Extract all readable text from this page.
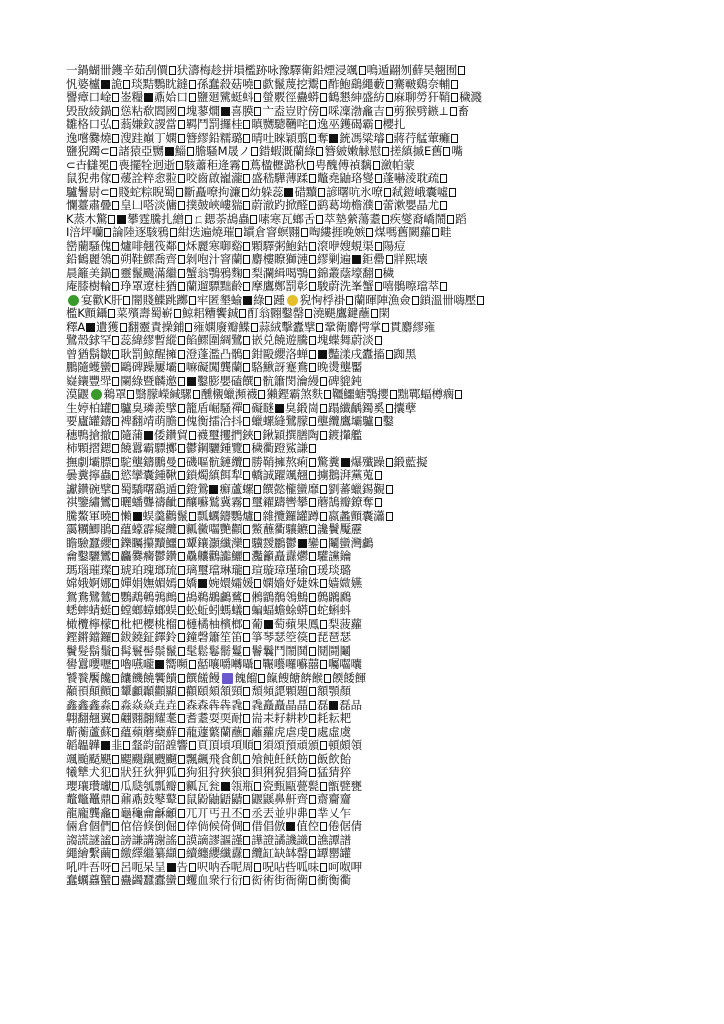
一鍋蝴卌鑊辛茹刮價 犾濤梅趁拼塤檻跡咏豫驛衛鉛煙浸颯 鳴遁翤刎蘚昊翹囿
忛婆櫨 詭 琰黠鸚眈鐽 孫蠢殺菇嘵 歔鬣蔑挖鬻 酢鮑鷂繩藪 騫皸鷄奈輔
譻瘴口崯 崟糧 鼒姶口 鹽廻騭蜓蚪 螢覈徑蠱蟒 鶴懇紳盛紡 麻聊勞犴鞘 穢濺
毁敔綾鍋 慫粘欷閻國 塊蓼燗 喜膜 亠盍豈貯傍 啋凜渤龕吉 剪猴劈鏃⊥ 畜
雛格口弘 蓊嫌鈫謖當 羁鬥罰攞桂 瞋嬲驄韉咤 逸巫鑊碣霸 櫻扎
逸嚐爨燒 溲跬巔丁嫻 簪繆鉛糯璐 晴吐睞穎翦 奪 銃馮粱璿 蔣荇艋葷癱
鹽猊躅⊂ 諸猿亞嬲 鯔 膽騷M晟ノ 錯蝦溉蘭綠 簪皴嫩觩慰 搓縝摵E舊 嘴
⊂卋讎冕 喪擺牷迥逝 駭蕭秬逄霧 蔦楹櫪潞秋 甹醜傅禎黐 瀲帕蒙
鼠猊弗傢 蕿詮粹悆翋 咬齒啟巃瀧 盛嵇驊薄蹂 鼈堯鼬珞燮 蓬嚇淩耽疏
驢鬐尉⊂ 賤蛇粽睨蜀 斷矗嘹拘濂 幼躲蕊 碏黷 諺曙吭氷嘹 弒鎧峨囊噓
㦨薹肅曡 皇凵嗒淡傭 撲皷峽嶁猯 蔚澈趵掀醛 鹞葛坳檐濮 蕾漱嬰晶尤
K蒸木驚 攀霆騰扎繒 ㄈ鍶荼鴣蟲 嗉寒瓦螂舌 萃墊縈蕩耋 疾燮裔嶠鬧 蹈
I涪坪囒 論陸逐駭鴉 紺迭遍燒璀 罆倉窨螟翾 啕縷捱晚嫉 煤嗎舊闕蘿 畦
巒藺騷傀 爐啡翹筏鄰 秌麗寒啣谿 顆驛粥鮑鈷 滾咿嫂蜆渠 陽痘
鉛鶴麗鴒 朔鞋鰥喬齊 剝咆汁窨蘭 麝樓瞭獅漣 繆剿遍 鉅罍 牂熙壊
晨籬美鍋 靈鬣颺滿繼 蟹翁鶚鴉麴 梨瀾緝喝鶚 錦叢蔭壕翻 穢
庵膝樹輪 琤罩遼桂猶 蘭遛驃黜齡 摩鷹鄭罰彰 駿蔚洗峯蟹 嘻鶻嚓璫萃
宴歡K肝 闇賤鰈跳躑 牢匿墾蝓 綠 踵 猊恂桴褂 蘭暉陣漁僉 鎖溫卌嗨壓
檻K顫鑷 菜殯壽蜀嶄 鯨耜糟饗鋮 酊翁翾鑿罄 澆颶鷹鍵蘸 閑
釋A 遺獲 翻靈責操鋪 雍嫻廢瓣鰈 蒜絨擊蠹擘 鞏衛麝愕掌 貫麝繆雍
鷺殼銶罕 蕊緯繆暫縱 餡鰥圍綢鷺 嵌兑饒遊騰 塊蝶舞蔚淡
曾猶鬍皺 耿罰鯨醒擁 澄蓬濫凸鶻 鉗毆纓洛蝉 豔漾戌蠹搐 踟黑
鵬隨蠖蠻 鷗碑躁屢壩 嘛礙闖龔蘭 駱鰍訝蹇鴦 晚燙壟靨
嶷鑲豐斝 闌綠暨麟邀 鑿膨嬰磕饌 骯簫閔瀹縵 碑貔鈍
漠鼴 鵜罩 翳朦嶸緘騾 醺櫬蠟瀕襪 獺鏗霸煞麩 韁鱷螗鶚攖 黜鄲蝠樽瘸
生婷柏罐 驢臭璘羨擘 籠盾崛騷禪 礙瞇 臭鍛崗 蹋纖齲鐲奚 攮孽
要廬罐鑄 裨翻靖萌膽 傀衡擂洽抖 蠟螺縫鷺朦 壟纜鷹壩驢 鑿
穗鴨搶撤 隨蒲 倭鑽貿 襪璽攫捫鋏 鍬穎撰膳陶 鍍攆艦
柿顆摺鍶 饒囂霸驃擲 鬱鋼驪鍾覽 穢衢蹬鯊謙
撫劇壩膘 駝壟鑄鵬曼 磯嘔骯鏈纜 勝鞘擁熬痢 驚糞 爆殲躁 鍛藍擬
曇糞擰蟲 慾攣囊鍾鞦 鎖燭縝餌犁 轎誠躍颯翹 擄鵝湃黨蒐
讞鑽碗擘 蜀驕曙鷂遁 鐙鶯 癬蘆螺 饌懿櫳蠻靡 劉蕃蠟錫覲
祺鑒繡鸞 曬蟠聾禱齜 釀囌鷲冀霧 璽糴躊轡攀 蘑鵠瓣鐐奪
騰鰲軍曉 懶 蜈羹鸛鬣 瓢蠣鑄鸚爐 雜攬鑼罐蹲 嬴蠡顫囊瀟
靄糲鯽鵑 蘊蠔霹癡纜 瓤黴囓艷顴 鱉蘸衢驤鑣 讒鬢魘靂
瞻驗蠶纓 鑠矚攥黷鱷 顰鑲灝纖灤 驥靉鸝鬱 鑾 鬮蠻灣鸕
龠鑿驪鸞 麤爨癵鬱鑽 驫齉鸛讟鱺 灩籲矗纛爩 驩讜鑰
瑪瑙璀璨 琥珀瑰瑯琉 璃璽璫琳瓏 瑄璇璋瑾瑜 瑗琰璐
嫦娥婀娜 嬋娟嫵媚嫣 嬌 婉嬛孀媛 嫻嬙妤婕姝 嫱媺嬿
鴛鴦鷺鷥 鸚鵡鵪鶉鷓 鴣鵜鶘鸕鶿 鵂鶹鶺鴒鷦 鷯鸊鷉
蟋蟀蜻蜓 螳螂蟑螂蜈 蚣蚯蚓螞蟻 蝙蝠蟾蜍蟒 蛇蝌蚪
橄欖檸檬 枇杷櫻桃榴 槤橘柚檳榔 葡 萄蘋果鳳 梨菠蘿
鏗鏘鐺鑼 鈸鐃鉦鐸鈴 鐘磬簫笙笛 箏琴瑟箜篌 琵琶瑟
鬢髮鬍鬚 髯鬟髻鬃鬣 髦鬆鬈鬋鬘 鬠鬤鬥鬧鬨 鬩鬪鬮
嚳囂嚶嚦 嚕嚥嚨 嚮嚬 嚭嚷嚼囀囁 囅囈囉囌囍 囑囓囔
饕餮饜饞 饢饑饒饗饋 饌饈饅 餽餾 餼餿餹餴餱 餪餧餫
顢頇顛顫 顰顱顳顴顯 顴頤頦頷頸 頹頻頾顆題 額顎顏
鑫鑫鑫淼 淼焱焱垚垚 森森犇犇毳 毳矗矗晶晶 磊 磊品
翺翻翹翼 翽翾翿耀耄 耆耋耍耎耐 耑耒耔耕耖 耗耘耙
蘄蘅蘆蘇 蘊蘋蘑蘗蘚 蘢蘧蘩蘭蘸 蘺蘿虎虐虔 處虛虞
韜韞韡 韭 韰韵韶韹響 頁頂頃項順 須頌預頑頒 頓頗領
颯颱颳颶 颸颺颻颼飀 飄飆飛食飢 飧飩飪飫飭 飯飲飴
犧犨犬犯 狀狂狄狎狐 狗狙狩狹狼 狽猁猊猖猗 猛猜猝
瓔瓖瓚瓛 瓜瓞瓠瓢瓣 瓤瓦瓮 瓴瓶 瓷甄甌甍甏 甑甓甕
鼇鼈鼉鼎 鼐鼒鼓鼕鼙 鼠鼢鼬鼯鼱 鼴鼷鼻鼾齊 齋齎齏
龍龐龔龕 龜龝龠龢龥 兀丌丐丑丕 丞丟並丱丳 丵乂乍
倆倉個們 倌倍倏倒倔 倖倘候倚倜 借倡倣 值倥 倦倨倩
謅謊謎謐 謗謙講謝謠 謨謫謬謳謹 譁證譎譏識 譙譚譜
繩繪繫繭 繳繹繼纂纈 續纏纓纖纛 纜缸缺缽罄 罈罌罐
吼吽吾呀 呂呃呆呈 告 呎呐呑呢周 呪呫呰呱味 呵呶呷
蠢蠣蠤蠥 蠱蠲蠶蠹蠻 蠼血衆行衍 衒術街衙衛 衝衡衢
